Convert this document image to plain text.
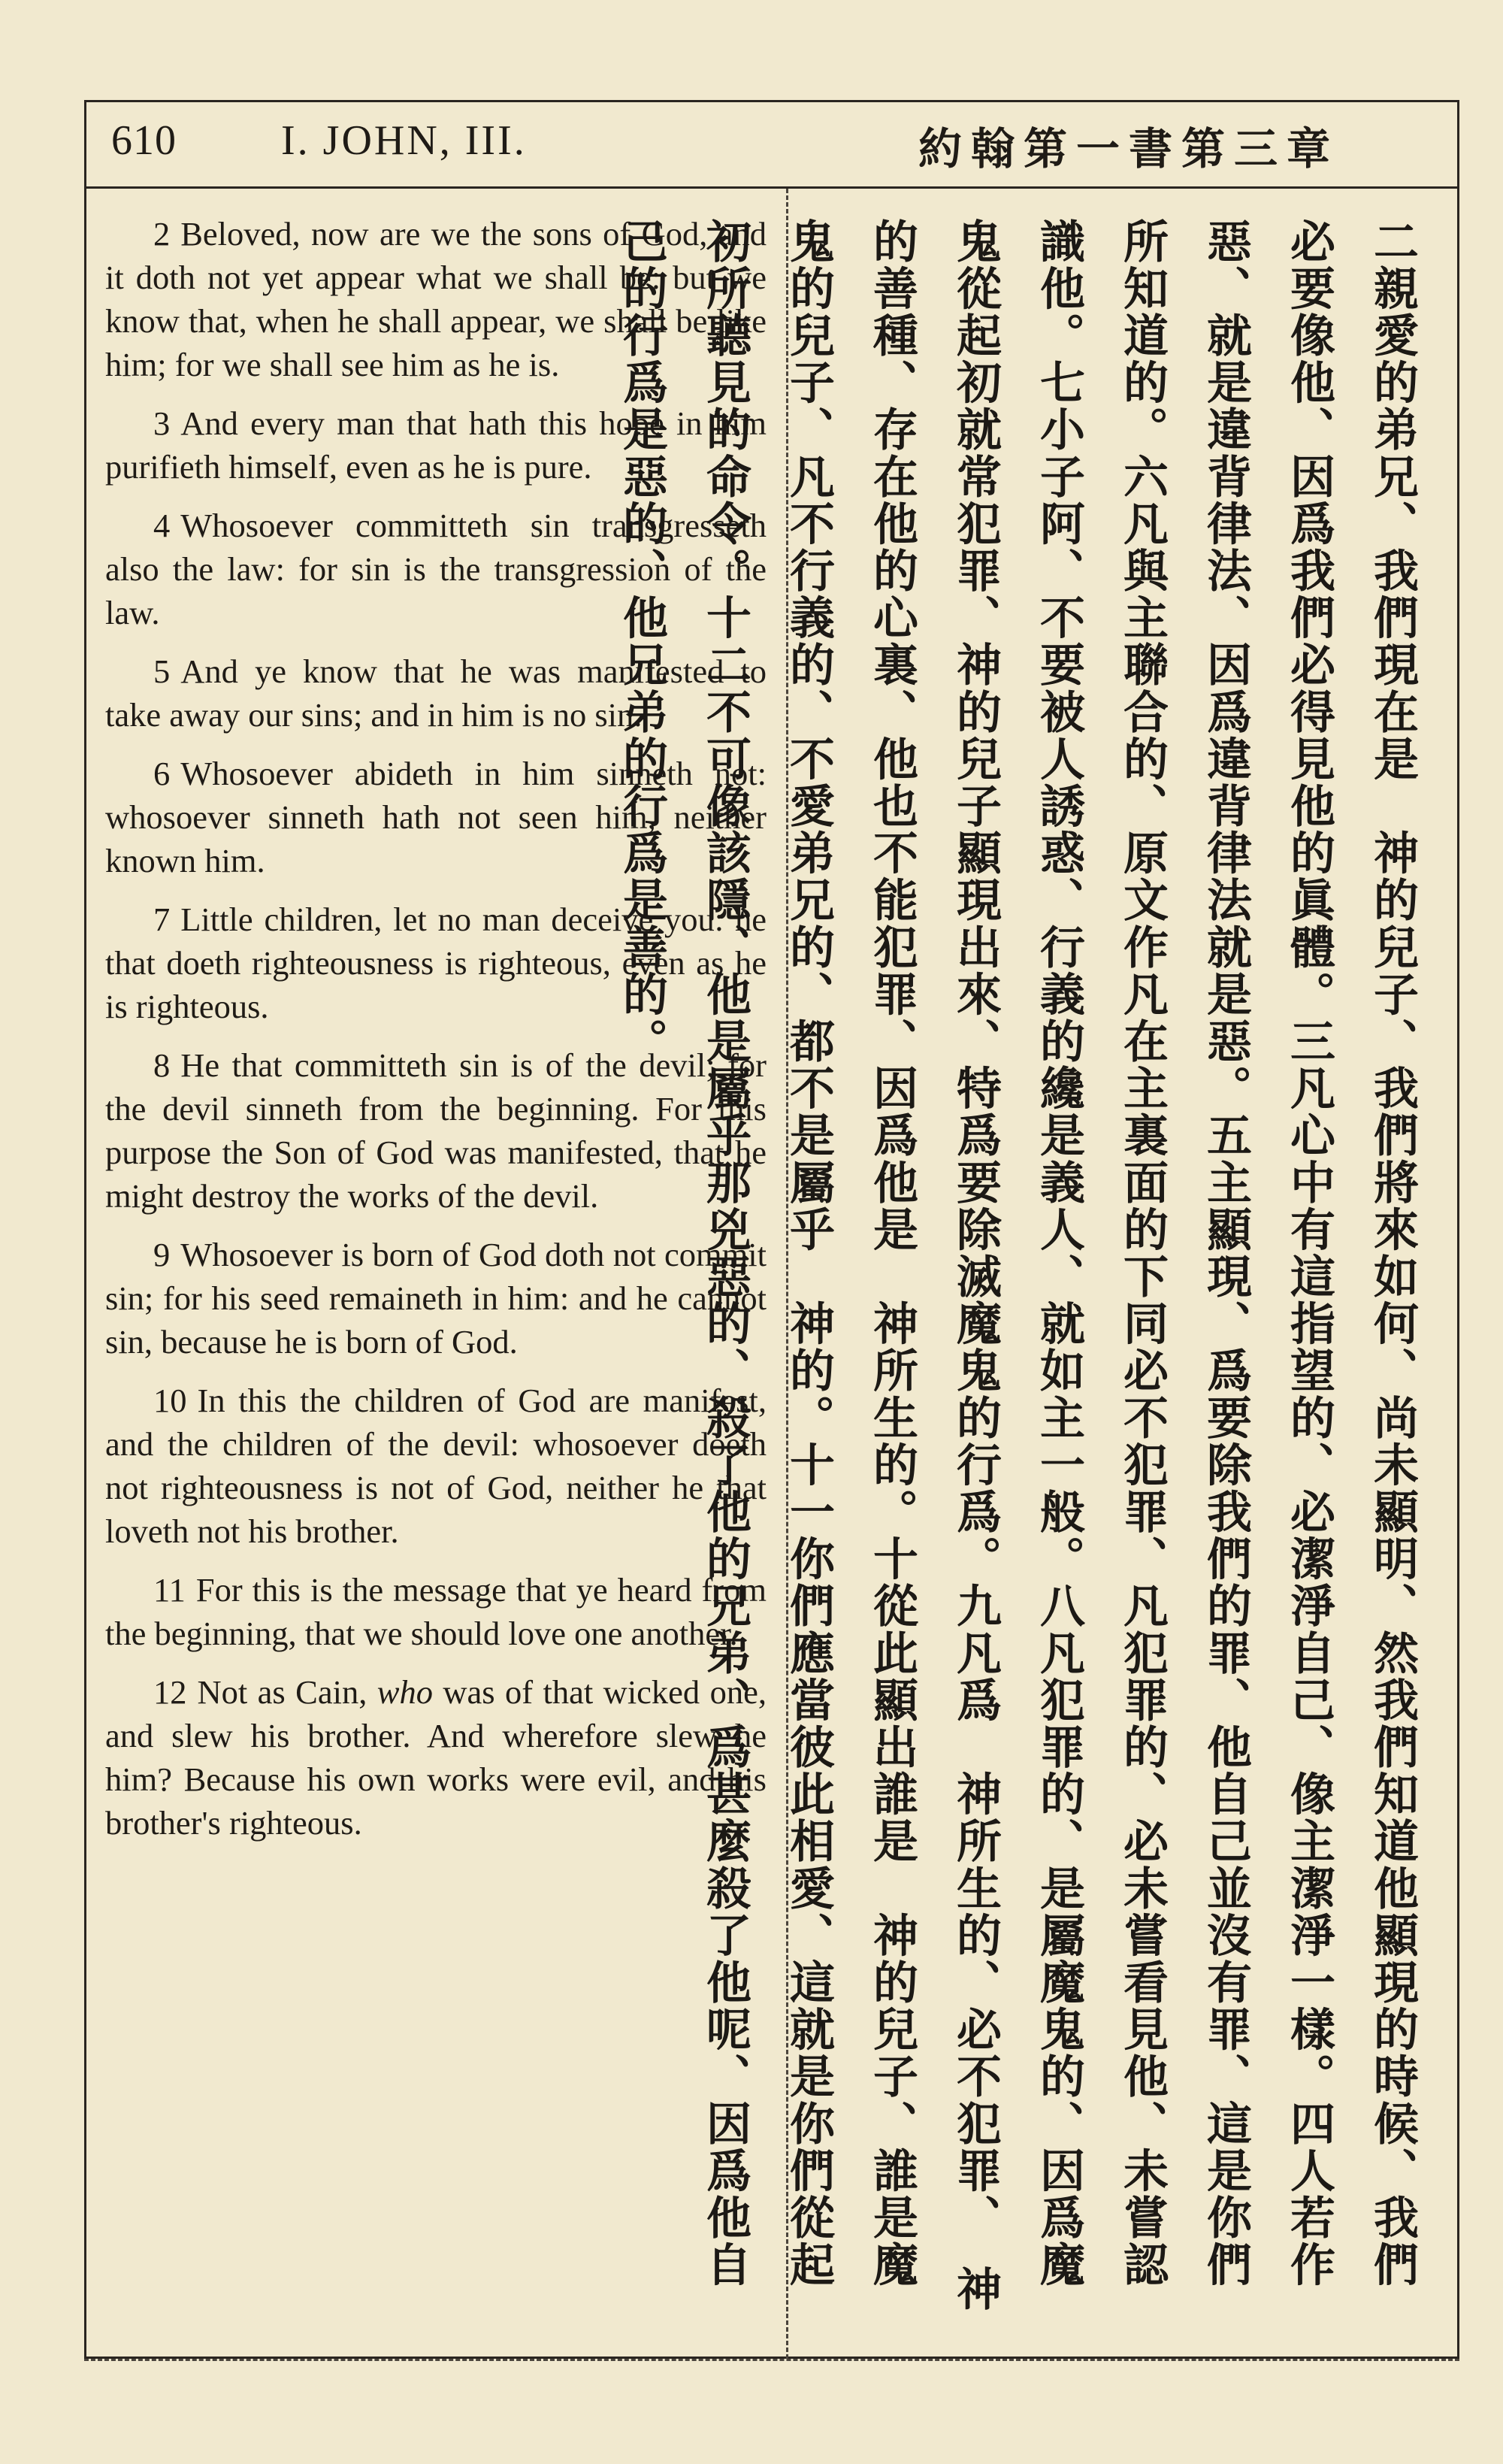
610 I. JOHN, III.	約翰第一書第三章

2 Beloved, now are we the sons of God, and it doth not yet appear what we shall be: but we know that, when he shall appear, we shall be like him; for we shall see him as he is.

3 And every man that hath this hope in him purifieth himself, even as he is pure.

4 Whosoever committeth sin transgresseth also the law: for sin is the transgression of the law.

5 And ye know that he was manifested to take away our sins; and in him is no sin.

6 Whosoever abideth in him sinneth not: whosoever sinneth hath not seen him, neither known him.

7 Little children, let no man deceive you: he that doeth righteousness is righteous, even as he is righteous.

8 He that committeth sin is of the devil; for the devil sinneth from the beginning. For this purpose the Son of God was manifested, that he might destroy the works of the devil.

9 Whosoever is born of God doth not commit sin; for his seed remaineth in him: and he cannot sin, because he is born of God.

10 In this the children of God are manifest, and the children of the devil: whosoever doeth not righteousness is not of God, neither he that loveth not his brother.

11 For this is the message that ye heard from the beginning, that we should love one another.

12 Not as Cain, who was of that wicked one, and slew his brother. And wherefore slew he him? Because his own works were evil, and his brother's righteous.	二親愛的弟兄、我們現在是　神的兒子、我們將來如何、尚未顯明、然我們知道他顯現的時候、我們必要像他、因爲我們必得見他的眞體。三凡心中有這指望的、必潔淨自己、像主潔淨一樣。四人若作惡、就是違背律法、因爲違背律法就是惡。五主顯現、爲要除我們的罪、他自己並沒有罪、這是你們所知道的。六凡與主聯合的、原文作凡在主裏面的下同必不犯罪、凡犯罪的、必未嘗看見他、未嘗認識他。七小子阿、不要被人誘惑、行義的纔是義人、就如主一般。八凡犯罪的、是屬魔鬼的、因爲魔鬼從起初就常犯罪、神的兒子顯現出來、特爲要除滅魔鬼的行爲。九凡爲　神所生的、必不犯罪、　神的善種、存在他的心裏、他也不能犯罪、因爲他是　神所生的。十從此顯出誰是　神的兒子、誰是魔鬼的兒子、凡不行義的、不愛弟兄的、都不是屬乎　神的。十一你們應當彼此相愛、這就是你們從起初所聽見的命令。十二不可像該隱、他是屬乎那兇惡的、殺了他的兄弟、爲甚麼殺了他呢、因爲他自己的行爲是惡的、他兄弟的行爲是善的。
